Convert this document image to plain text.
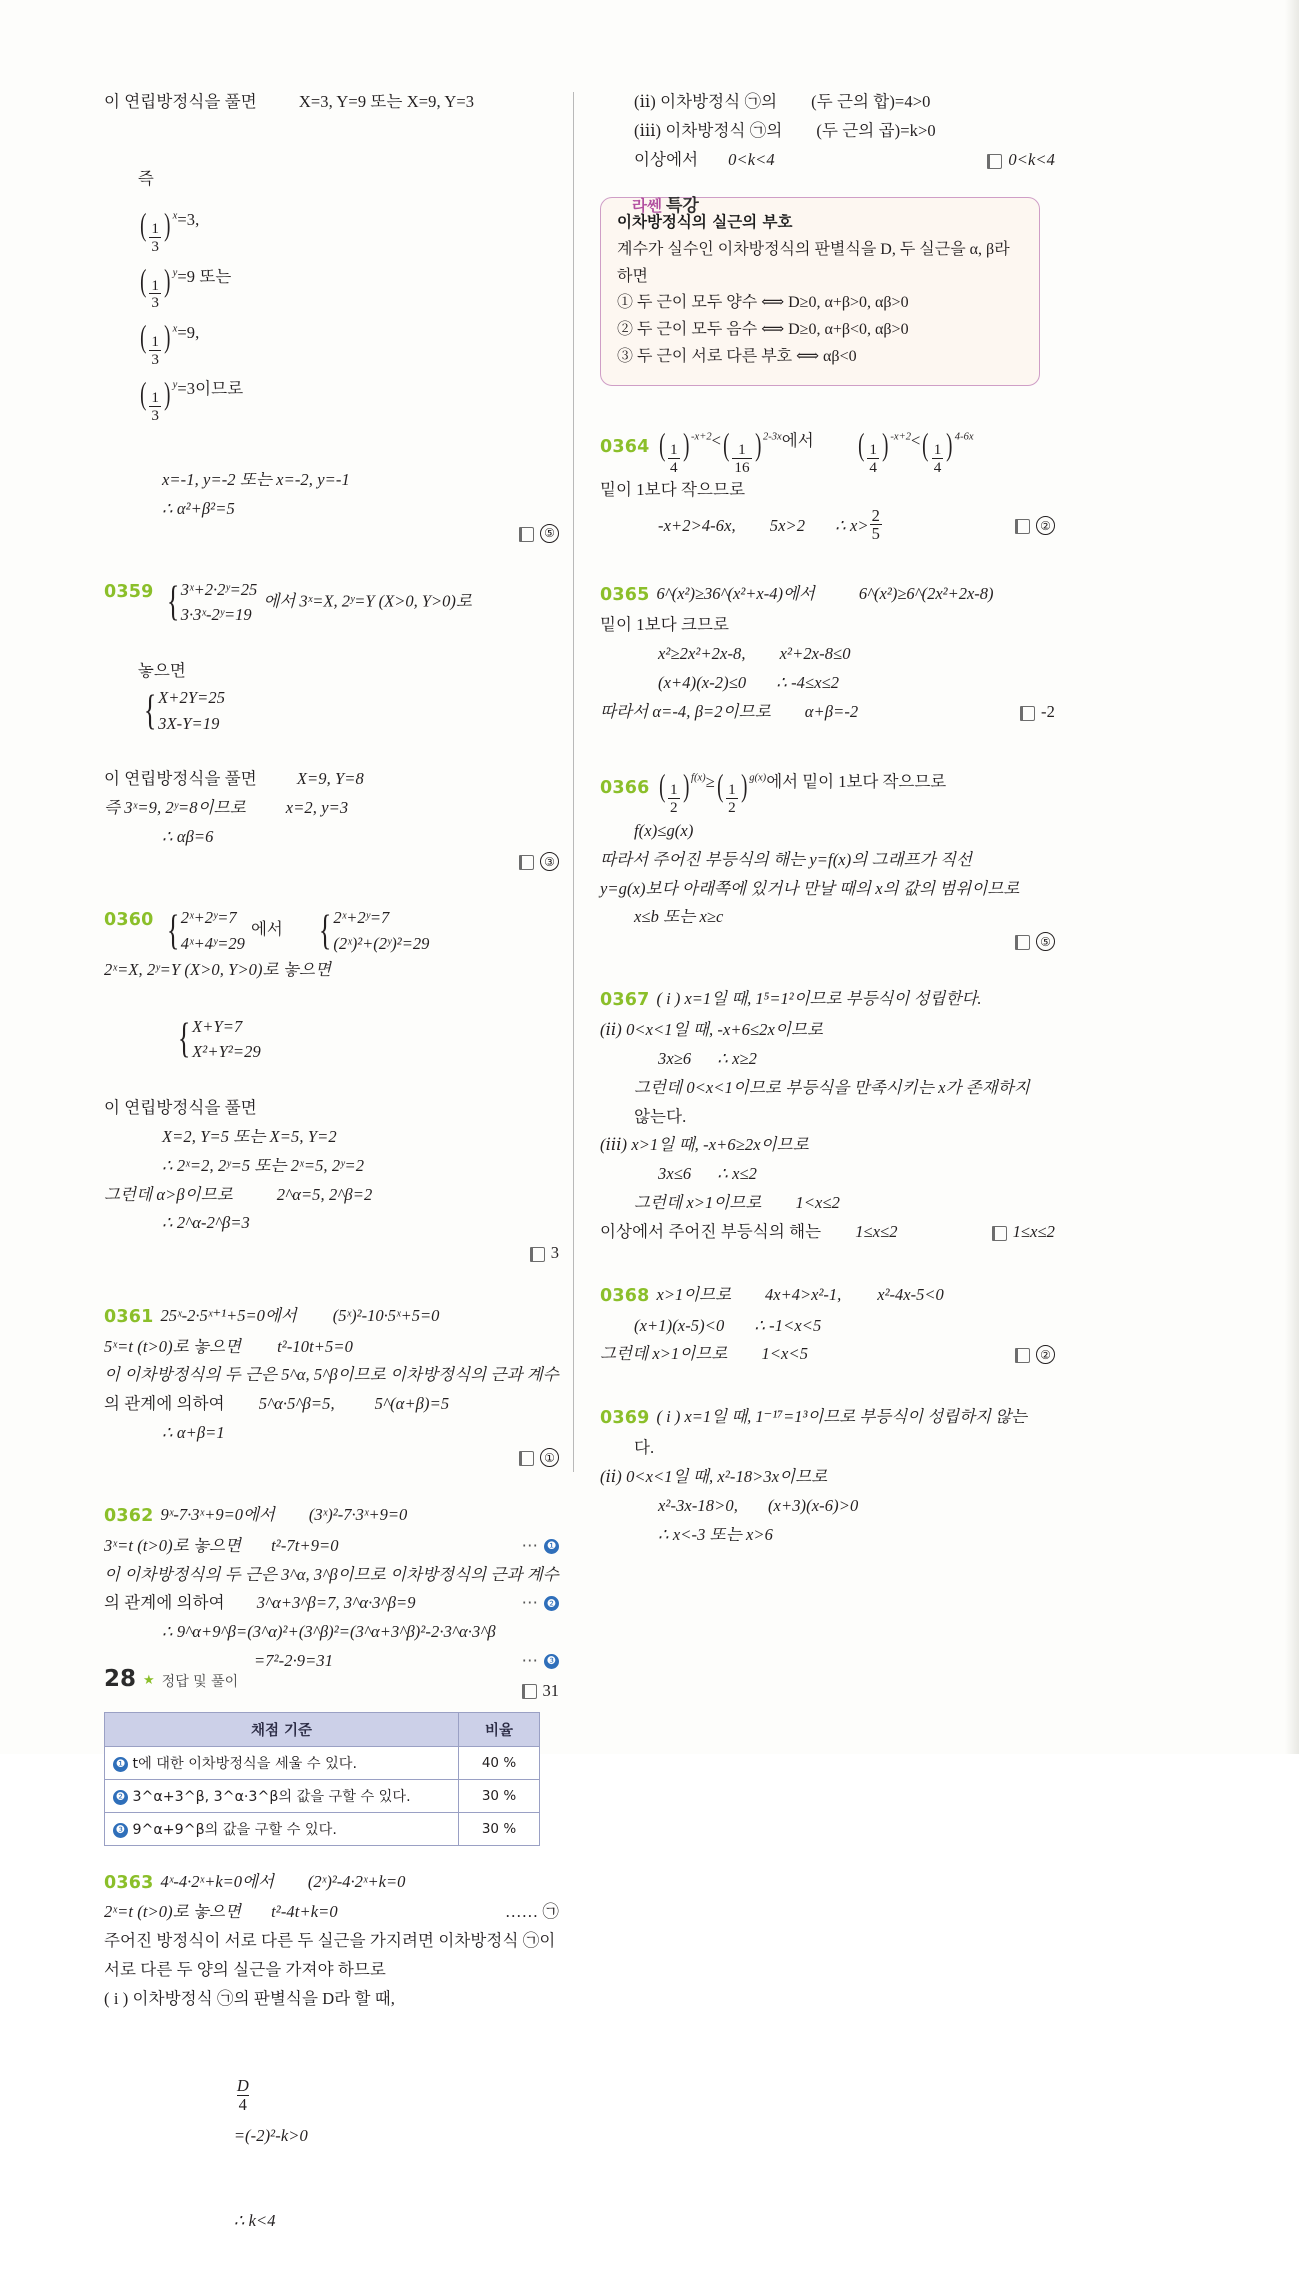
이 연립방정식을 풀면	X=3, Y=9 또는 X=9, Y=3

즉
( $\frac{1}{3}$ ) $^x$=3,
( $\frac{1}{3}$ ) $^y$=9 또는
( $\frac{1}{3}$ ) $^x$=9,
( $\frac{1}{3}$ ) $^y$=3이므로

x=-1, y=-2 또는 x=-2, y=-1
∴ α²+β²=5
⑤
0359 { 3ˣ+2·2ʸ=25
3·3ˣ-2ʸ=19
에서 3ˣ=X, 2ʸ=Y (X>0, Y>0)로

놓으면

{ X+2Y=25
3X-Y=19

이 연립방정식을 풀면 X=9, Y=8
즉 3ˣ=9, 2ʸ=8이므로 x=2, y=3
∴ αβ=6
③
0360 { 2ˣ+2ʸ=7
4ˣ+4ʸ=29
에서 { 2ˣ+2ʸ=7
(2ˣ)²+(2ʸ)²=29
2ˣ=X, 2ʸ=Y (X>0, Y>0)로 놓으면

{ X+Y=7
X²+Y²=29

이 연립방정식을 풀면
X=2, Y=5 또는 X=5, Y=2
∴ 2ˣ=2, 2ʸ=5 또는 2ˣ=5, 2ʸ=2
그런데 α>β이므로	2^α=5, 2^β=2
∴ 2^α-2^β=3
3
0361 25ˣ-2·5ˣ⁺¹+5=0에서 (5ˣ)²-10·5ˣ+5=0
5ˣ=t (t>0)로 놓으면 t²-10t+5=0
이 이차방정식의 두 근은 5^α, 5^β이므로 이차방정식의 근과 계수
의 관계에 의하여 5^α·5^β=5, 5^(α+β)=5
∴ α+β=1
①
0362 9ˣ-7·3ˣ+9=0에서 (3ˣ)²-7·3ˣ+9=0
3ˣ=t (t>0)로 놓으면 t²-7t+9=0	⋯ ❶
이 이차방정식의 두 근은 3^α, 3^β이므로 이차방정식의 근과 계수
의 관계에 의하여 3^α+3^β=7, 3^α·3^β=9	⋯ ❷
∴ 9^α+9^β=(3^α)²+(3^β)²=(3^α+3^β)²-2·3^α·3^β
=7²-2·9=31	⋯ ❸
31
채점 기준	비율
❶ t에 대한 이차방정식을 세울 수 있다.	40 %
❷ 3^α+3^β, 3^α·3^β의 값을 구할 수 있다.	30 %
❸ 9^α+9^β의 값을 구할 수 있다.	30 %
0363 4ˣ-4·2ˣ+k=0에서 (2ˣ)²-4·2ˣ+k=0
2ˣ=t (t>0)로 놓으면 t²-4t+k=0	…… ㉠
주어진 방정식이 서로 다른 두 실근을 가지려면 이차방정식 ㉠이
서로 다른 두 양의 실근을 가져야 하므로
( i ) 이차방정식 ㉠의 판별식을 D라 할 때,

$\frac{D}{4}$

=(-2)²-k>0

∴ k<4

(ⅱ) 이차방정식 ㉠의 (두 근의 합)=4>0
(ⅲ) 이차방정식 ㉠의 (두 근의 곱)=k>0
이상에서 0<k<4	0<k<4
라쎈 특강
이차방정식의 실근의 부호
계수가 실수인 이차방정식의 판별식을 D, 두 실근을 α, β라 하면
① 두 근이 모두 양수 ⟺ D≥0, α+β>0, αβ>0
② 두 근이 모두 음수 ⟺ D≥0, α+β<0, αβ>0
③ 두 근이 서로 다른 부호 ⟺ αβ<0
0364 ( $\frac{1}{4}$ ) $^{-x+2}<( \frac{1}{16}$ ) $^{2-3x}$에서 ( $\frac{1}{4}$ ) $^{-x+2}<( \frac{1}{4}$ ) $^{4-6x}$
밑이 1보다 작으므로
-x+2>4-6x, 5x>2 ∴ $x> \frac{2}{5}$	②
0365 6^(x²)≥36^(x²+x-4)에서	6^(x²)≥6^(2x²+2x-8)
밑이 1보다 크므로
x²≥2x²+2x-8, x²+2x-8≤0
(x+4)(x-2)≤0 ∴ -4≤x≤2
따라서 α=-4, β=2이므로 α+β=-2	-2
0366 ( $\frac{1}{2}$ ) $^{f(x)}\ge( \frac{1}{2}$ ) $^{g(x)}$에서 밑이 1보다 작으므로
f(x)≤g(x)
따라서 주어진 부등식의 해는 y=f(x)의 그래프가 직선
y=g(x)보다 아래쪽에 있거나 만날 때의 x의 값의 범위이므로
x≤b 또는 x≥c
⑤
0367 ( i ) x=1일 때, 1⁵=1²이므로 부등식이 성립한다.
(ⅱ) 0<x<1일 때, -x+6≤2x이므로
3x≥6 ∴ x≥2
그런데 0<x<1이므로 부등식을 만족시키는 x가 존재하지
않는다.
(ⅲ) x>1일 때, -x+6≥2x이므로
3x≤6 ∴ x≤2
그런데 x>1이므로 1<x≤2
이상에서 주어진 부등식의 해는 1≤x≤2	1≤x≤2
0368 x>1이므로 4x+4>x²-1, x²-4x-5<0
(x+1)(x-5)<0 ∴ -1<x<5
그런데 x>1이므로 1<x<5	②
0369 ( i ) x=1일 때, 1⁻¹⁷=1³이므로 부등식이 성립하지 않는
다.
(ⅱ) 0<x<1일 때, x²-18>3x이므로
x²-3x-18>0, (x+3)(x-6)>0
∴ x<-3 또는 x>6
28 ★ 정답 및 풀이
